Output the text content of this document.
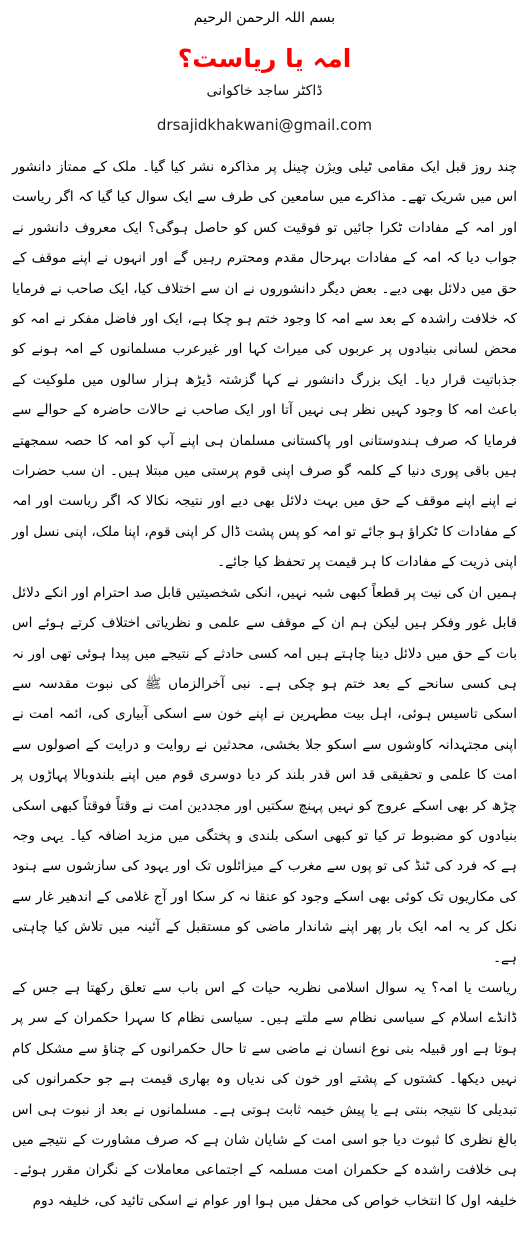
بسم اللہ الرحمن الرحیم
امہ یا ریاست؟
ڈاکٹر ساجد خاکوانی
drsajidkhakwani@gmail.com

چند روز قبل ایک مقامی ٹیلی ویژن چینل پر مذاکرہ نشر کیا گیا۔ ملک کے ممتاز دانشور اس میں شریک تھے۔ مذاکرے میں سامعین کی طرف سے ایک سوال کیا گیا کہ اگر ریاست اور امہ کے مفادات ٹکرا جائیں تو فوقیت کس کو حاصل ہوگی؟ ایک معروف دانشور نے جواب دیا کہ امہ کے مفادات بہرحال مقدم ومحترم رہیں گے اور انہوں نے اپنے موقف کے حق میں دلائل بھی دیے۔ بعض دیگر دانشوروں نے ان سے اختلاف کیا، ایک صاحب نے فرمایا کہ خلافت راشدہ کے بعد سے امہ کا وجود ختم ہو چکا ہے، ایک اور فاضل مفکر نے امہ کو محض لسانی بنیادوں پر عربوں کی میراث کہا اور غیرعرب مسلمانوں کے امہ ہونے کو جذباتیت قرار دیا۔ ایک بزرگ دانشور نے کہا گزشتہ ڈیڑھ ہزار سالوں میں ملوکیت کے باعث امہ کا وجود کہیں نظر ہی نہیں آتا اور ایک صاحب نے حالات حاضرہ کے حوالے سے فرمایا کہ صرف ہندوستانی اور پاکستانی مسلمان ہی اپنے آپ کو امہ کا حصہ سمجھتے ہیں باقی پوری دنیا کے کلمہ گو صرف اپنی قوم پرستی میں مبتلا ہیں۔ ان سب حضرات نے اپنے اپنے موقف کے حق میں بہت دلائل بھی دیے اور نتیجہ نکالا کہ اگر ریاست اور امہ کے مفادات کا ٹکراؤ ہو جائے تو امہ کو پس پشت ڈال کر اپنی قوم، اپنا ملک، اپنی نسل اور اپنی ذریت کے مفادات کا ہر قیمت پر تحفظ کیا جائے۔

ہمیں ان کی نیت پر قطعاً کبھی شبہ نہیں، انکی شخصیتیں قابل صد احترام اور انکے دلائل قابل غور وفکر ہیں لیکن ہم ان کے موقف سے علمی و نظریاتی اختلاف کرتے ہوئے اس بات کے حق میں دلائل دینا چاہتے ہیں امہ کسی حادثے کے نتیجے میں پیدا ہوئی تھی اور نہ ہی کسی سانحے کے بعد ختم ہو چکی ہے۔ نبی آخرالزماں ﷺ کی نبوت مقدسہ سے اسکی تاسیس ہوئی، اہل بیت مطہرین نے اپنے خون سے اسکی آبیاری کی، ائمہ امت نے اپنی مجتہدانہ کاوشوں سے اسکو جلا بخشی، محدثین نے روایت و درایت کے اصولوں سے امت کا علمی و تحقیقی قد اس قدر بلند کر دیا دوسری قوم میں اپنے بلندوبالا پہاڑوں پر چڑھ کر بھی اسکے عروج کو نہیں پہنچ سکتیں اور مجددین امت نے وقتاً فوقتاً کبھی اسکی بنیادوں کو مضبوط تر کیا تو کبھی اسکی بلندی و پختگی میں مزید اضافہ کیا۔ یہی وجہ ہے کہ فرد کی ٹنڈ کی تو پوں سے مغرب کے میزائلوں تک اور یہود کی سازشوں سے ہنود کی مکاریوں تک کوئی بھی اسکے وجود کو عنقا نہ کر سکا اور آج غلامی کے اندھیر غار سے نکل کر یہ امہ ایک بار پھر اپنے شاندار ماضی کو مستقبل کے آئینہ میں تلاش کیا چاہتی ہے۔

ریاست یا امہ؟ یہ سوال اسلامی نظریہ حیات کے اس باب سے تعلق رکھتا ہے جس کے ڈانڈے اسلام کے سیاسی نظام سے ملتے ہیں۔ سیاسی نظام کا سہرا حکمران کے سر پر ہوتا ہے اور قبیلہ بنی نوع انسان نے ماضی سے تا حال حکمرانوں کے چناؤ سے مشکل کام نہیں دیکھا۔ کشتوں کے پشتے اور خون کی ندیاں وہ بھاری قیمت ہے جو حکمرانوں کی تبدیلی کا نتیجہ بنتی ہے یا پیش خیمہ ثابت ہوتی ہے۔ مسلمانوں نے بعد از نبوت ہی اس بالغ نظری کا ثبوت دیا جو اسی امت کے شایان شان ہے کہ صرف مشاورت کے نتیجے میں ہی خلافت راشدہ کے حکمران امت مسلمہ کے اجتماعی معاملات کے نگران مقرر ہوئے۔ خلیفہ اول کا انتخاب خواص کی محفل میں ہوا اور عوام نے اسکی تائید کی، خلیفہ دوم
